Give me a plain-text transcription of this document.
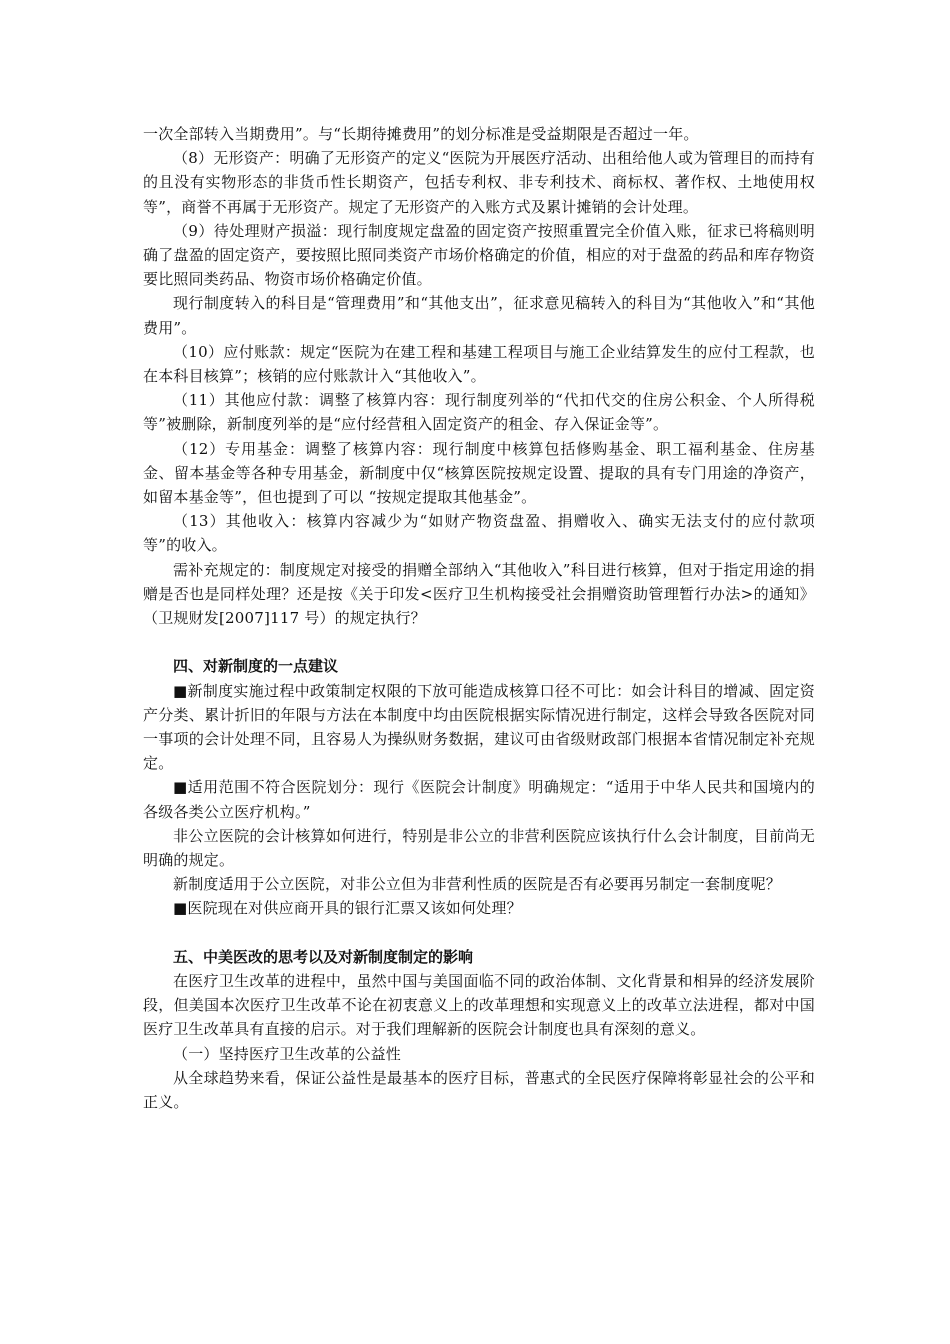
一次全部转入当期费用”。与“长期待摊费用”的划分标准是受益期限是否超过一年。

（8）无形资产：明确了无形资产的定义“医院为开展医疗活动、出租给他人或为管理目的而持有的且没有实物形态的非货币性长期资产，包括专利权、非专利技术、商标权、著作权、土地使用权等”，商誉不再属于无形资产。规定了无形资产的入账方式及累计摊销的会计处理。

（9）待处理财产损溢：现行制度规定盘盈的固定资产按照重置完全价值入账，征求已将稿则明确了盘盈的固定资产，要按照比照同类资产市场价格确定的价值，相应的对于盘盈的药品和库存物资要比照同类药品、物资市场价格确定价值。

现行制度转入的科目是“管理费用”和“其他支出”，征求意见稿转入的科目为“其他收入”和“其他费用”。

（10）应付账款：规定“医院为在建工程和基建工程项目与施工企业结算发生的应付工程款，也在本科目核算”；核销的应付账款计入“其他收入”。

（11）其他应付款：调整了核算内容：现行制度列举的“代扣代交的住房公积金、个人所得税等”被删除，新制度列举的是“应付经营租入固定资产的租金、存入保证金等”。

（12）专用基金：调整了核算内容：现行制度中核算包括修购基金、职工福利基金、住房基金、留本基金等各种专用基金，新制度中仅“核算医院按规定设置、提取的具有专门用途的净资产，如留本基金等”，但也提到了可以 “按规定提取其他基金”。

（13）其他收入：核算内容减少为“如财产物资盘盈、捐赠收入、确实无法支付的应付款项等”的收入。

需补充规定的：制度规定对接受的捐赠全部纳入“其他收入”科目进行核算，但对于指定用途的捐赠是否也是同样处理？还是按《关于印发<医疗卫生机构接受社会捐赠资助管理暂行办法>的通知》（卫规财发[2007]117 号）的规定执行？

四、对新制度的一点建议

■新制度实施过程中政策制定权限的下放可能造成核算口径不可比：如会计科目的增减、固定资产分类、累计折旧的年限与方法在本制度中均由医院根据实际情况进行制定，这样会导致各医院对同一事项的会计处理不同，且容易人为操纵财务数据，建议可由省级财政部门根据本省情况制定补充规定。

■适用范围不符合医院划分：现行《医院会计制度》明确规定：“适用于中华人民共和国境内的各级各类公立医疗机构。”

非公立医院的会计核算如何进行，特别是非公立的非营利医院应该执行什么会计制度，目前尚无明确的规定。

新制度适用于公立医院，对非公立但为非营利性质的医院是否有必要再另制定一套制度呢？

■医院现在对供应商开具的银行汇票又该如何处理？

五、中美医改的思考以及对新制度制定的影响

在医疗卫生改革的进程中，虽然中国与美国面临不同的政治体制、文化背景和相异的经济发展阶段，但美国本次医疗卫生改革不论在初衷意义上的改革理想和实现意义上的改革立法进程，都对中国医疗卫生改革具有直接的启示。对于我们理解新的医院会计制度也具有深刻的意义。

（一）坚持医疗卫生改革的公益性

从全球趋势来看，保证公益性是最基本的医疗目标，普惠式的全民医疗保障将彰显社会的公平和正义。
